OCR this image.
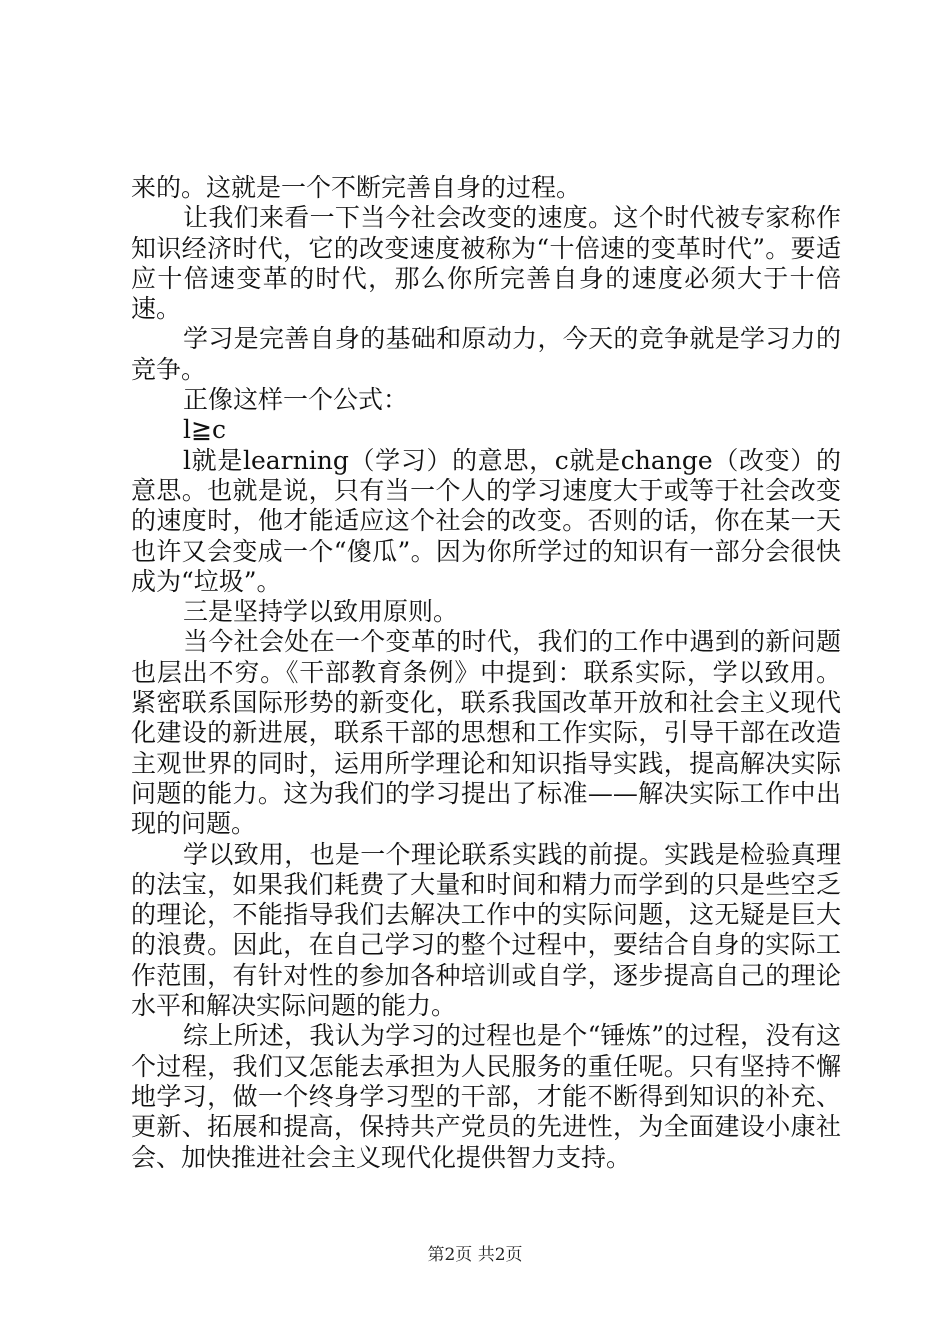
来的。这就是一个不断完善自身的过程。

让我们来看一下当今社会改变的速度。这个时代被专家称作知识经济时代，它的改变速度被称为“十倍速的变革时代”。要适应十倍速变革的时代，那么你所完善自身的速度必须大于十倍速。

学习是完善自身的基础和原动力，今天的竞争就是学习力的竞争。

正像这样一个公式：

l≧c

l就是learning（学习）的意思，c就是change（改变）的意思。也就是说，只有当一个人的学习速度大于或等于社会改变的速度时，他才能适应这个社会的改变。否则的话，你在某一天也许又会变成一个“傻瓜”。因为你所学过的知识有一部分会很快成为“垃圾”。

三是坚持学以致用原则。

当今社会处在一个变革的时代，我们的工作中遇到的新问题也层出不穷。《干部教育条例》中提到：联系实际，学以致用。紧密联系国际形势的新变化，联系我国改革开放和社会主义现代化建设的新进展，联系干部的思想和工作实际，引导干部在改造主观世界的同时，运用所学理论和知识指导实践，提高解决实际问题的能力。这为我们的学习提出了标准——解决实际工作中出现的问题。

学以致用，也是一个理论联系实践的前提。实践是检验真理的法宝，如果我们耗费了大量和时间和精力而学到的只是些空乏的理论，不能指导我们去解决工作中的实际问题，这无疑是巨大的浪费。因此，在自己学习的整个过程中，要结合自身的实际工作范围，有针对性的参加各种培训或自学，逐步提高自己的理论水平和解决实际问题的能力。

综上所述，我认为学习的过程也是个“锤炼”的过程，没有这个过程，我们又怎能去承担为人民服务的重任呢。只有坚持不懈地学习，做一个终身学习型的干部，才能不断得到知识的补充、更新、拓展和提高，保持共产党员的先进性，为全面建设小康社会、加快推进社会主义现代化提供智力支持。

第2页 共2页
